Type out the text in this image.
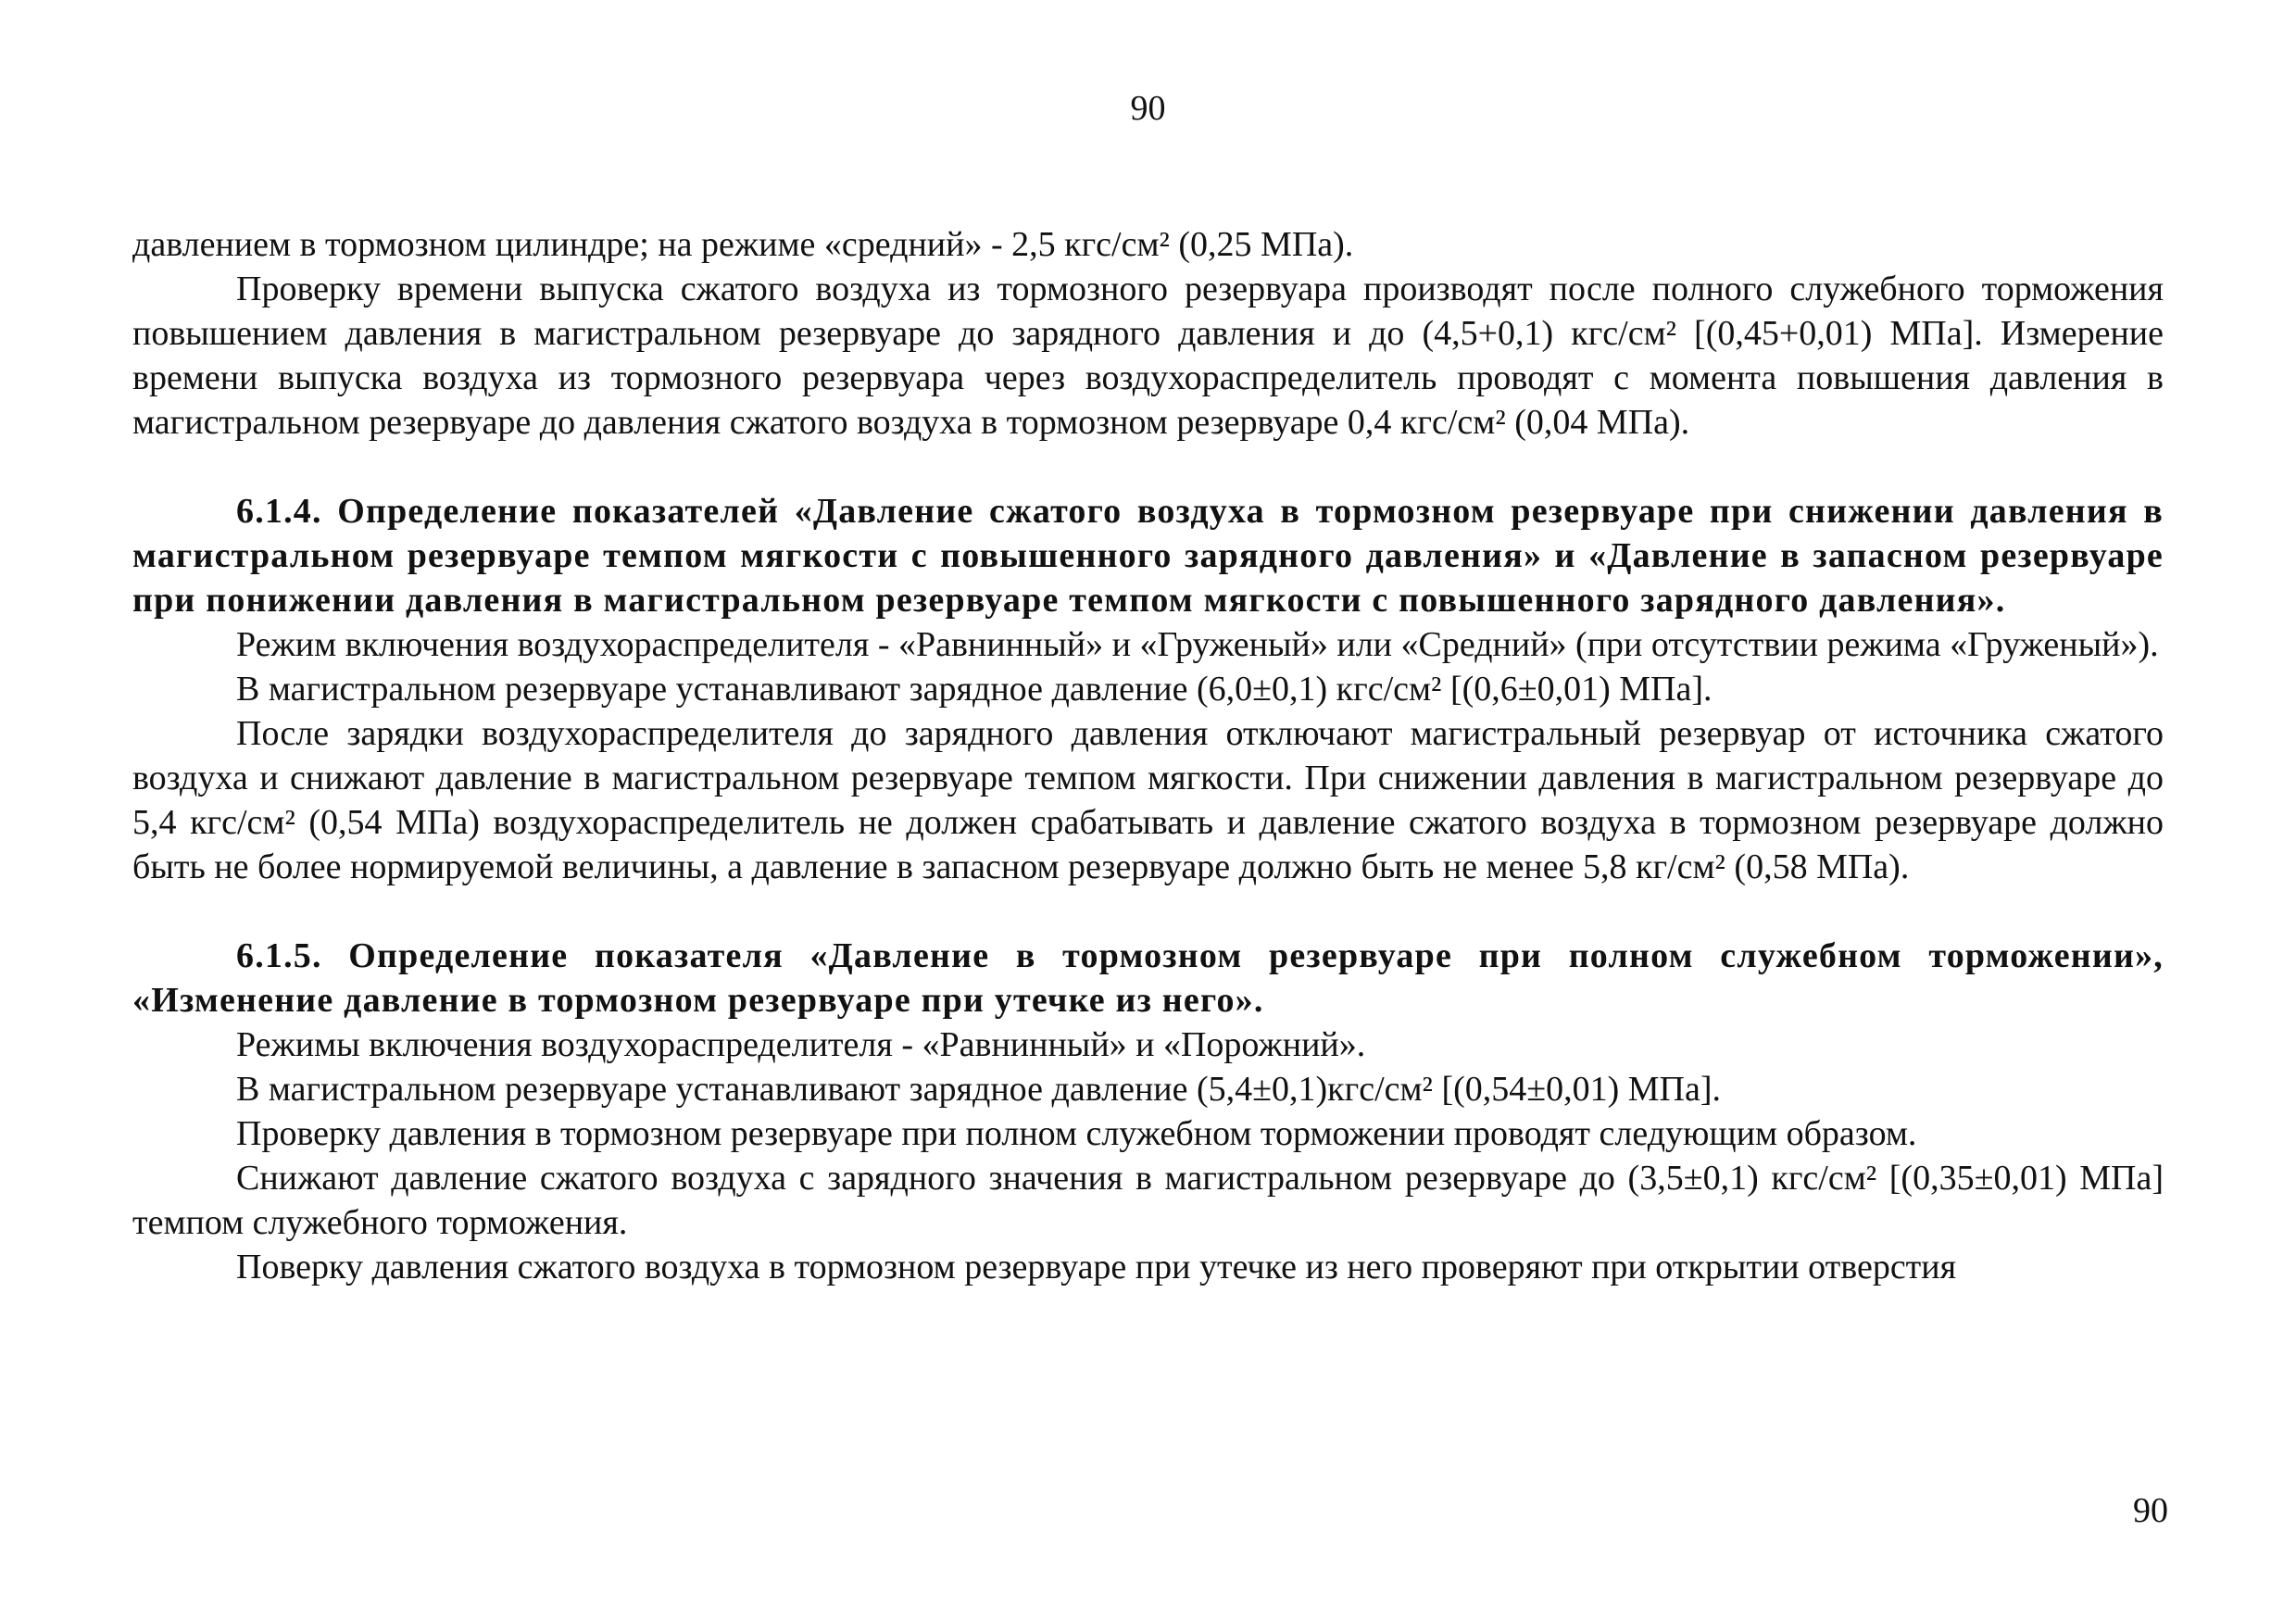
90

давлением в тормозном цилиндре; на режиме «средний» - 2,5 кгс/см² (0,25 МПа).

Проверку времени выпуска сжатого воздуха из тормозного резервуара производят после полного служебного торможения повышением давления в магистральном резервуаре до зарядного давления и до (4,5+0,1) кгс/см² [(0,45+0,01) МПа]. Измерение времени выпуска воздуха из тормозного резервуара через воздухораспределитель проводят с момента повышения давления в магистральном резервуаре до давления сжатого воздуха в тормозном резервуаре 0,4 кгс/см² (0,04 МПа).

6.1.4. Определение показателей «Давление сжатого воздуха в тормозном резервуаре при снижении давления в магистральном резервуаре темпом мягкости с повышенного зарядного давления» и «Давление в запасном резервуаре при понижении давления в магистральном резервуаре темпом мягкости с повышенного зарядного давления».

Режим включения воздухораспределителя - «Равнинный» и «Груженый» или «Средний» (при отсутствии режима «Груженый»).

В магистральном резервуаре устанавливают зарядное давление (6,0±0,1) кгс/см² [(0,6±0,01) МПа].

После зарядки воздухораспределителя до зарядного давления отключают магистральный резервуар от источника сжатого воздуха и снижают давление в магистральном резервуаре темпом мягкости. При снижении давления в магистральном резервуаре до 5,4 кгс/см² (0,54 МПа) воздухораспределитель не должен срабатывать и давление сжатого воздуха в тормозном резервуаре должно быть не более нормируемой величины, а давление в запасном резервуаре должно быть не менее 5,8 кг/см² (0,58 МПа).

6.1.5. Определение показателя «Давление в тормозном резервуаре при полном служебном торможении», «Изменение давление в тормозном резервуаре при утечке из него».

Режимы включения воздухораспределителя - «Равнинный» и «Порожний».

В магистральном резервуаре устанавливают зарядное давление (5,4±0,1)кгс/см² [(0,54±0,01) МПа].

Проверку давления в тормозном резервуаре при полном служебном торможении проводят следующим образом.

Снижают давление сжатого воздуха с зарядного значения в магистральном резервуаре до (3,5±0,1) кгс/см² [(0,35±0,01) МПа] темпом служебного торможения.

Поверку давления сжатого воздуха в тормозном резервуаре при утечке из него проверяют при открытии отверстия

90
